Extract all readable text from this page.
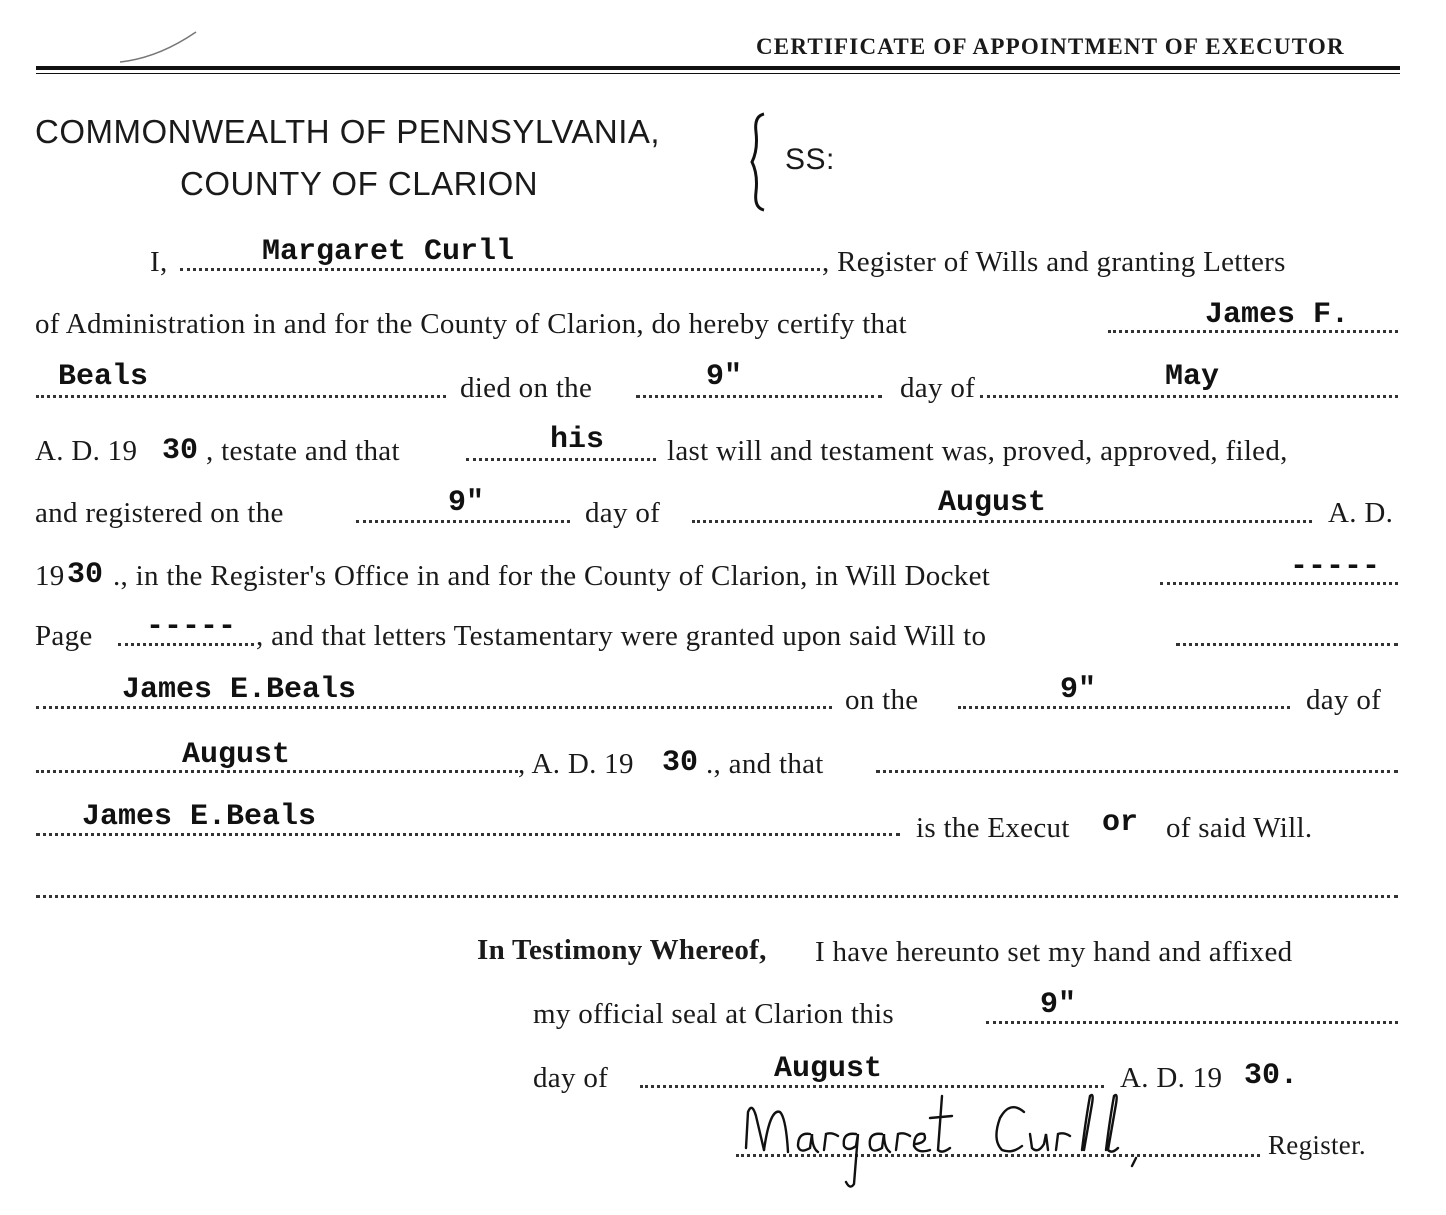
CERTIFICATE OF APPOINTMENT OF EXECUTOR
COMMONWEALTH OF PENNSYLVANIA,
COUNTY OF CLARION
SS:
I,	Margaret Curll	, Register of Wills and granting Letters
of Administration in and for the County of Clarion, do hereby certify that	James F.
Beals	died on the	9"	day of	May
A. D. 19 30 , testate and that	his last will and testament was, proved, approved, filed,
and registered on the	9"	day of	August	A. D.
19 30 ., in the Register's Office in and for the County of Clarion, in Will Docket	-----
Page ----- , and that letters Testamentary were granted upon said Will to
James E.Beals	on the	9"	day of
August	, A. D. 19 30 ., and that
James E.Beals	is the Execut or of said Will.
In Testimony Whereof, I have hereunto set my hand and affixed
my official seal at Clarion this	9"
day of	August	A. D. 19 30.
Register.
